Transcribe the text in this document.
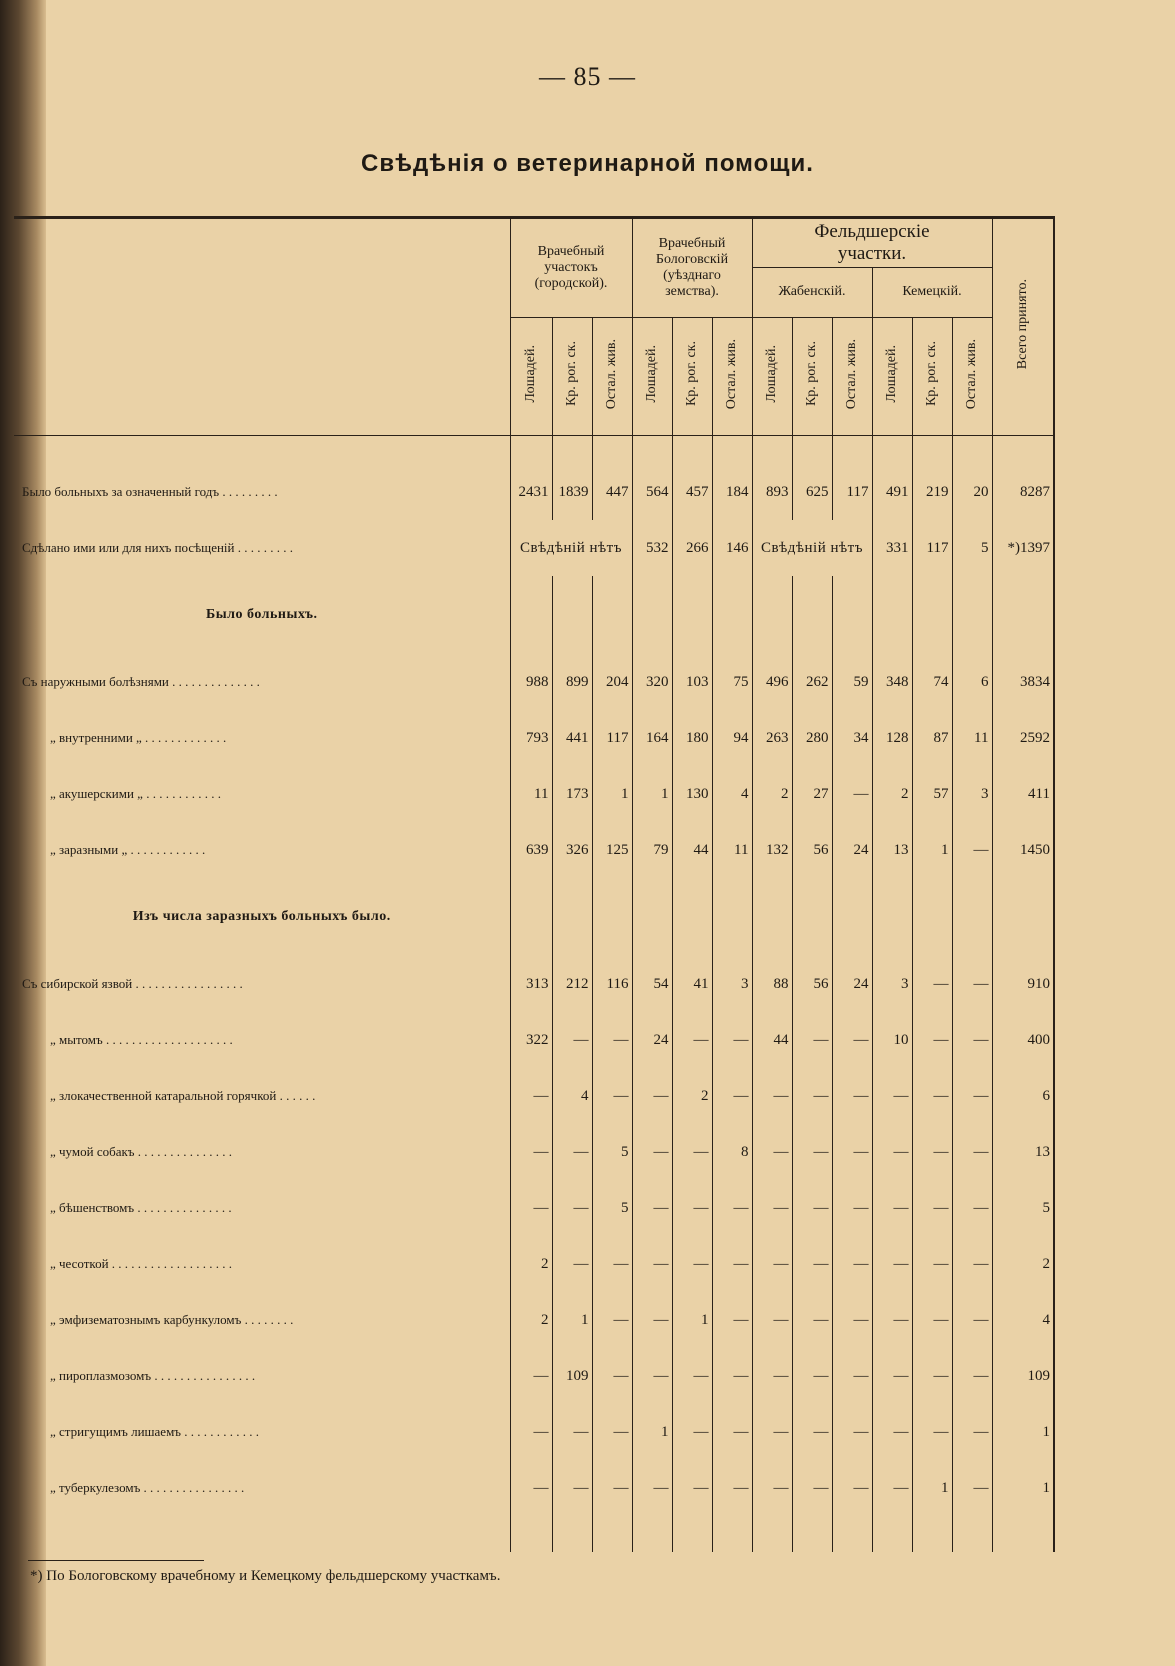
— 85 —
Свѣдѣнія о ветеринарной помощи.
	Врачебный участокъ (городской).			Врачебный Бологовскій (уѣзднаго земства).			Фельдшерскіе участки.						Всего принято.
							Жабенскій.			Кемецкій.			
	Лошадей.	Кр. рог. ск.	Остал. жив.	Лошадей.	Кр. рог. ск.	Остал. жив.	Лошадей.	Кр. рог. ск.	Остал. жив.	Лошадей.	Кр. рог. ск.	Остал. жив.	

Было больныхъ за означенный годъ . . . . . . . . .	2431	1839	447	564	457	184	893	625	117	491	219	20	8287
Сдѣлано ими или для нихъ посѣщеній . . . . . . . . .	Свѣдѣній нѣтъ			532	266	146	Свѣдѣній нѣтъ			331	117	5	*)1397
Было больныхъ.													
Съ наружными болѣзнями . . . . . . . . . . . . . .	988	899	204	320	103	75	496	262	59	348	74	6	3834
„ внутренними „ . . . . . . . . . . . . .	793	441	117	164	180	94	263	280	34	128	87	11	2592
„ акушерскими „ . . . . . . . . . . . .	11	173	1	1	130	4	2	27	—	2	57	3	411
„ заразными „ . . . . . . . . . . . .	639	326	125	79	44	11	132	56	24	13	1	—	1450
Изъ числа заразныхъ больныхъ было.													
Съ сибирской язвой . . . . . . . . . . . . . . . . .	313	212	116	54	41	3	88	56	24	3	—	—	910
„ мытомъ . . . . . . . . . . . . . . . . . . . .	322	—	—	24	—	—	44	—	—	10	—	—	400
„ злокачественной катаральной горячкой . . . . . .	—	4	—	—	2	—	—	—	—	—	—	—	6
„ чумой собакъ . . . . . . . . . . . . . . .	—	—	5	—	—	8	—	—	—	—	—	—	13
„ бѣшенствомъ . . . . . . . . . . . . . . .	—	—	5	—	—	—	—	—	—	—	—	—	5
„ чесоткой . . . . . . . . . . . . . . . . . . .	2	—	—	—	—	—	—	—	—	—	—	—	2
„ эмфизематознымъ карбункуломъ . . . . . . . .	2	1	—	—	1	—	—	—	—	—	—	—	4
„ пироплазмозомъ . . . . . . . . . . . . . . . .	—	109	—	—	—	—	—	—	—	—	—	—	109
„ стригущимъ лишаемъ . . . . . . . . . . . .	—	—	—	1	—	—	—	—	—	—	—	—	1
„ туберкулезомъ . . . . . . . . . . . . . . . .	—	—	—	—	—	—	—	—	—	—	1	—	1

*) По Бологовскому врачебному и Кемецкому фельдшерскому участкамъ.
